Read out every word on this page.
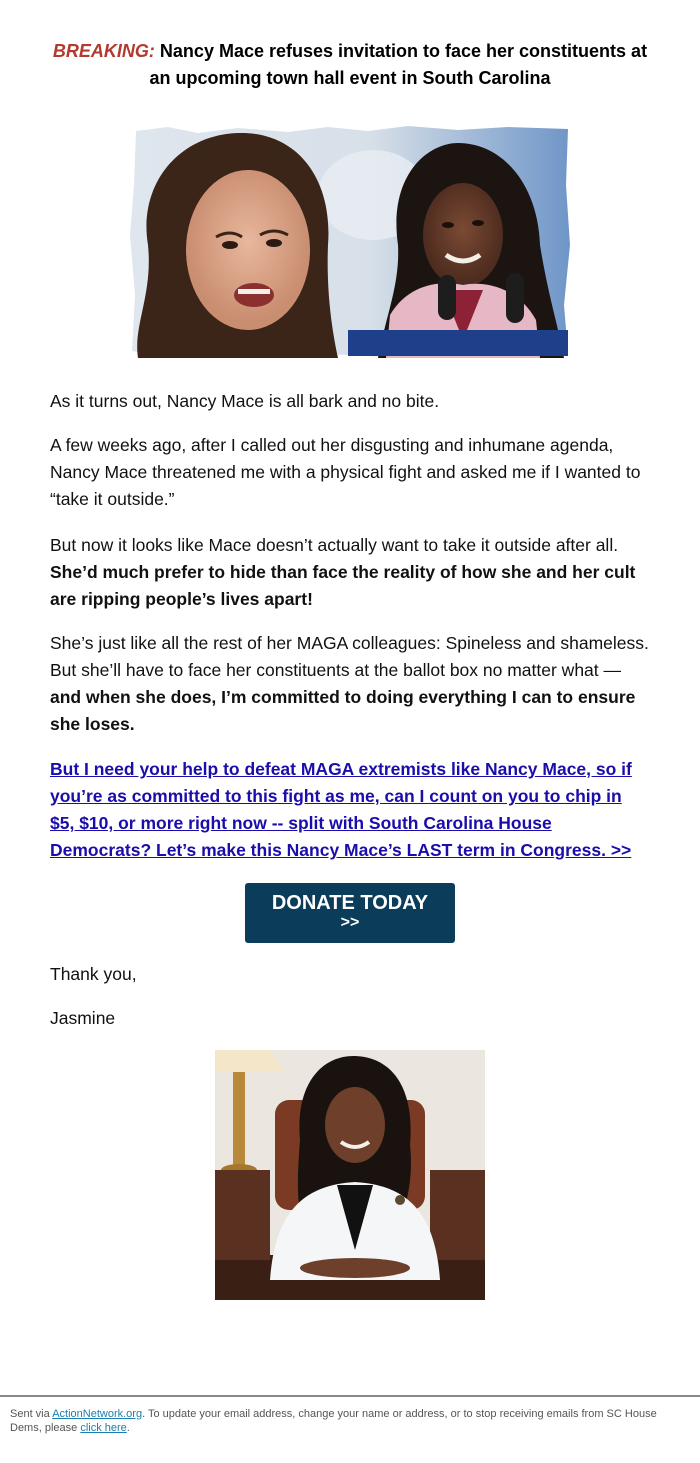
BREAKING: Nancy Mace refuses invitation to face her constituents at an upcoming town hall event in South Carolina
As it turns out, Nancy Mace is all bark and no bite.
A few weeks ago, after I called out her disgusting and inhumane agenda, Nancy Mace threatened me with a physical fight and asked me if I wanted to “take it outside.”
But now it looks like Mace doesn’t actually want to take it outside after all. She’d much prefer to hide than face the reality of how she and her cult are ripping people’s lives apart!
She’s just like all the rest of her MAGA colleagues: Spineless and shameless. But she’ll have to face her constituents at the ballot box no matter what — and when she does, I’m committed to doing everything I can to ensure she loses.
But I need your help to defeat MAGA extremists like Nancy Mace, so if you’re as committed to this fight as me, can I count on you to chip in $5, $10, or more right now -- split with South Carolina House Democrats? Let’s make this Nancy Mace’s LAST term in Congress. >>
DONATE TODAY
>>
Thank you,
Jasmine
Sent via ActionNetwork.org. To update your email address, change your name or address, or to stop receiving emails from SC House Dems, please click here.
